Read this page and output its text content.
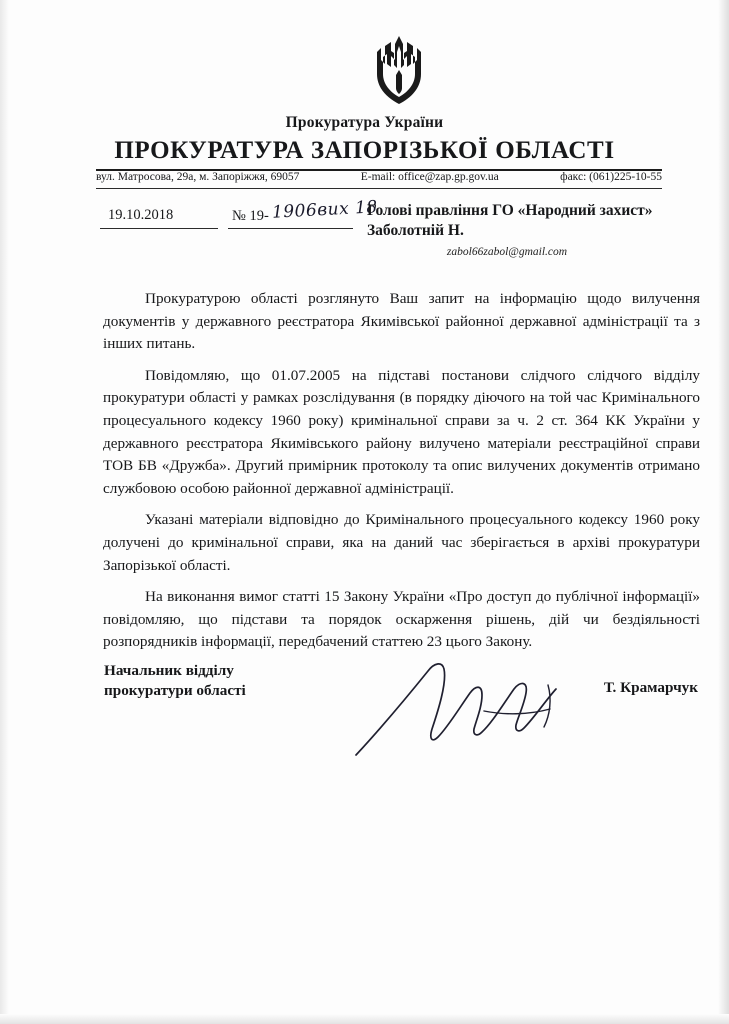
Прокуратура України
ПРОКУРАТУРА ЗАПОРІЗЬКОЇ ОБЛАСТІ
вул. Матросова, 29а, м. Запоріжжя, 69057	E-mail: office@zap.gp.gov.ua	факс: (061)225-10-55
19.10.2018	№ 19- 1906вих 18
Голові правління ГО «Народний захист»
Заболотній Н.
zabol66zabol@gmail.com

Прокуратурою області розглянуто Ваш запит на інформацію щодо вилучення документів у державного реєстратора Якимівської районної державної адміністрації та з інших питань.

Повідомляю, що 01.07.2005 на підставі постанови слідчого слідчого відділу прокуратури області у рамках розслідування (в порядку діючого на той час Кримінального процесуального кодексу 1960 року) кримінальної справи за ч. 2 ст. 364 КК України у державного реєстратора Якимівського району вилучено матеріали реєстраційної справи ТОВ БВ «Дружба». Другий примірник протоколу та опис вилучених документів отримано службовою особою районної державної адміністрації.

Указані матеріали відповідно до Кримінального процесуального кодексу 1960 року долучені до кримінальної справи, яка на даний час зберігається в архіві прокуратури Запорізької області.

На виконання вимог статті 15 Закону України «Про доступ до публічної інформації» повідомляю, що підстави та порядок оскарження рішень, дій чи бездіяльності розпорядників інформації, передбачений статтею 23 цього Закону.

Начальник відділу
прокуратури області	Т. Крамарчук
